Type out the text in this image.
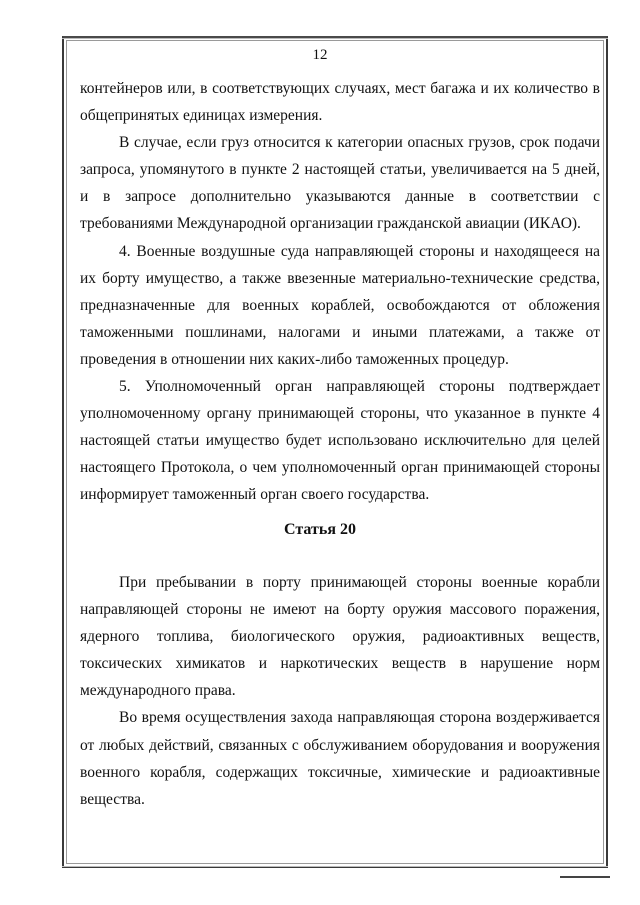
12

контейнеров или, в соответствующих случаях, мест багажа и их количество в общепринятых единицах измерения.

В случае, если груз относится к категории опасных грузов, срок подачи запроса, упомянутого в пункте 2 настоящей статьи, увеличивается на 5 дней, и в запросе дополнительно указываются данные в соответствии с требованиями Международной организации гражданской авиации (ИКАО).

4. Военные воздушные суда направляющей стороны и находящееся на их борту имущество, а также ввезенные материально-технические средства, предназначенные для военных кораблей, освобождаются от обложения таможенными пошлинами, налогами и иными платежами, а также от проведения в отношении них каких-либо таможенных процедур.

5. Уполномоченный орган направляющей стороны подтверждает уполномоченному органу принимающей стороны, что указанное в пункте 4 настоящей статьи имущество будет использовано исключительно для целей настоящего Протокола, о чем уполномоченный орган принимающей стороны информирует таможенный орган своего государства.

Статья 20

При пребывании в порту принимающей стороны военные корабли направляющей стороны не имеют на борту оружия массового поражения, ядерного топлива, биологического оружия, радиоактивных веществ, токсических химикатов и наркотических веществ в нарушение норм международного права.

Во время осуществления захода направляющая сторона воздерживается от любых действий, связанных с обслуживанием оборудования и вооружения военного корабля, содержащих токсичные, химические и радиоактивные вещества.
